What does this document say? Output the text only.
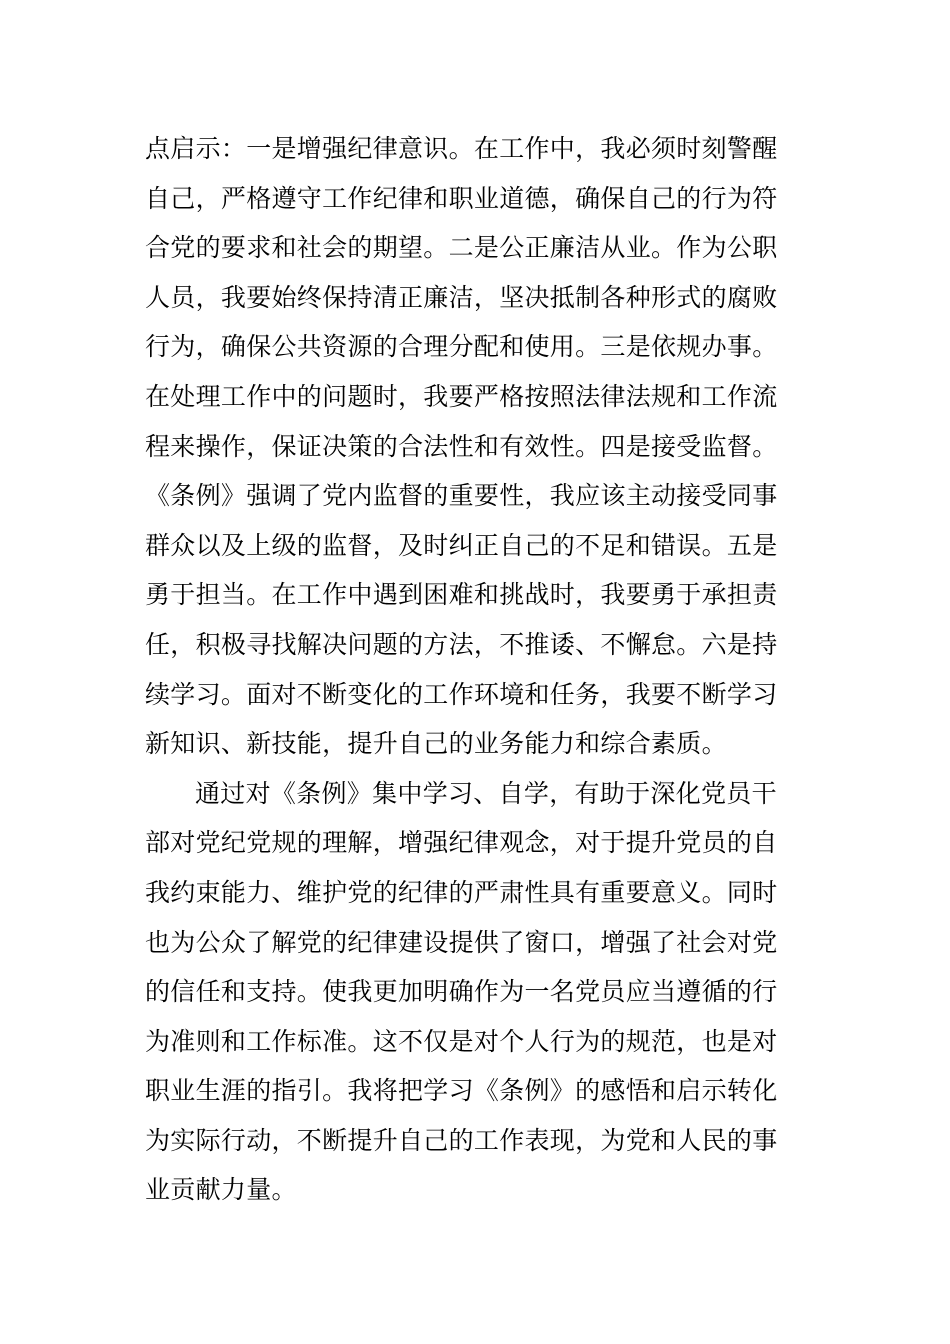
点启示：一是增强纪律意识。在工作中，我必须时刻警醒
自己，严格遵守工作纪律和职业道德，确保自己的行为符
合党的要求和社会的期望。二是公正廉洁从业。作为公职
人员，我要始终保持清正廉洁，坚决抵制各种形式的腐败
行为，确保公共资源的合理分配和使用。三是依规办事。
在处理工作中的问题时，我要严格按照法律法规和工作流
程来操作，保证决策的合法性和有效性。四是接受监督。
《条例》强调了党内监督的重要性，我应该主动接受同事
群众以及上级的监督，及时纠正自己的不足和错误。五是
勇于担当。在工作中遇到困难和挑战时，我要勇于承担责
任，积极寻找解决问题的方法，不推诿、不懈怠。六是持
续学习。面对不断变化的工作环境和任务，我要不断学习
新知识、新技能，提升自己的业务能力和综合素质。
通过对《条例》集中学习、自学，有助于深化党员干
部对党纪党规的理解，增强纪律观念，对于提升党员的自
我约束能力、维护党的纪律的严肃性具有重要意义。同时
也为公众了解党的纪律建设提供了窗口，增强了社会对党
的信任和支持。使我更加明确作为一名党员应当遵循的行
为准则和工作标准。这不仅是对个人行为的规范，也是对
职业生涯的指引。我将把学习《条例》的感悟和启示转化
为实际行动，不断提升自己的工作表现，为党和人民的事
业贡献力量。
